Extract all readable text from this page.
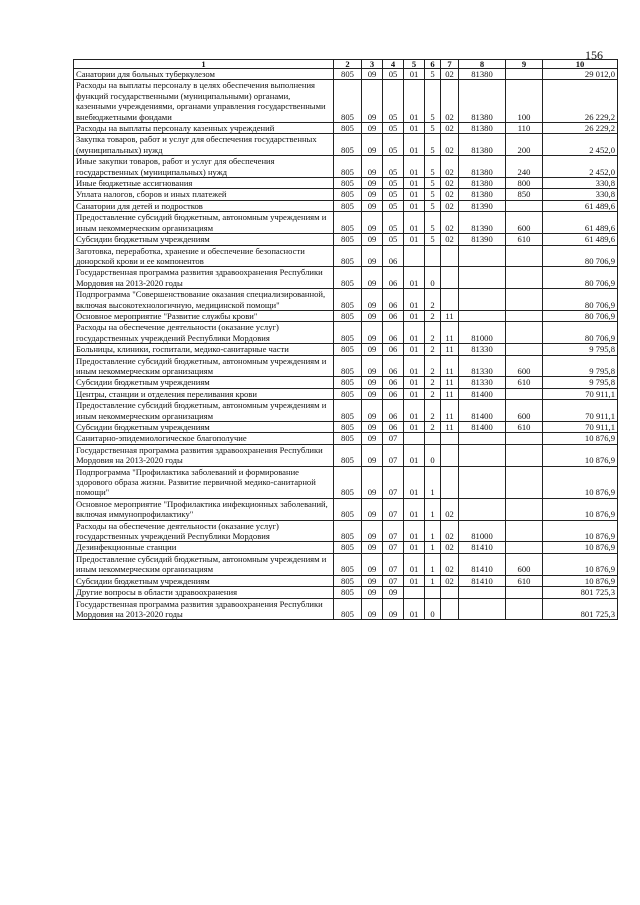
156
1	2	3	4	5	6	7	8	9	10
Санатории для больных туберкулезом	805	09	05	01	5	02	81380		29 012,0
Расходы на выплаты персоналу в целях обеспечения выполнения функций государственными (муниципальными) органами, казенными учреждениями, органами управления государственными внебюджетными фондами	805	09	05	01	5	02	81380	100	26 229,2
Расходы на выплаты персоналу казенных учреждений	805	09	05	01	5	02	81380	110	26 229,2
Закупка товаров, работ и услуг для обеспечения государственных (муниципальных) нужд	805	09	05	01	5	02	81380	200	2 452,0
Иные закупки товаров, работ и услуг для обеспечения государственных (муниципальных) нужд	805	09	05	01	5	02	81380	240	2 452,0
Иные бюджетные ассигнования	805	09	05	01	5	02	81380	800	330,8
Уплата налогов, сборов и иных платежей	805	09	05	01	5	02	81380	850	330,8
Санатории для детей и подростков	805	09	05	01	5	02	81390		61 489,6
Предоставление субсидий бюджетным, автономным учреждениям и иным некоммерческим организациям	805	09	05	01	5	02	81390	600	61 489,6
Субсидии бюджетным учреждениям	805	09	05	01	5	02	81390	610	61 489,6
Заготовка, переработка, хранение и обеспечение безопасности донорской крови и ее компонентов	805	09	06						80 706,9
Государственная программа развития здравоохранения Республики Мордовия на 2013-2020 годы	805	09	06	01	0				80 706,9
Подпрограмма "Совершенствование оказания специализированной, включая высокотехнологичную, медицинской помощи"	805	09	06	01	2				80 706,9
Основное мероприятие "Развитие службы крови"	805	09	06	01	2	11			80 706,9
Расходы на обеспечение деятельности (оказание услуг) государственных учреждений Республики Мордовия	805	09	06	01	2	11	81000		80 706,9
Больницы, клиники, госпитали, медико-санитарные части	805	09	06	01	2	11	81330		9 795,8
Предоставление субсидий бюджетным, автономным учреждениям и иным некоммерческим организациям	805	09	06	01	2	11	81330	600	9 795,8
Субсидии бюджетным учреждениям	805	09	06	01	2	11	81330	610	9 795,8
Центры, станции и отделения переливания крови	805	09	06	01	2	11	81400		70 911,1
Предоставление субсидий бюджетным, автономным учреждениям и иным некоммерческим организациям	805	09	06	01	2	11	81400	600	70 911,1
Субсидии бюджетным учреждениям	805	09	06	01	2	11	81400	610	70 911,1
Санитарно-эпидемиологическое благополучие	805	09	07						10 876,9
Государственная программа развития здравоохранения Республики Мордовия на 2013-2020 годы	805	09	07	01	0				10 876,9
Подпрограмма "Профилактика заболеваний и формирование здорового образа жизни. Развитие первичной медико-санитарной помощи"	805	09	07	01	1				10 876,9
Основное мероприятие "Профилактика инфекционных заболеваний, включая иммунопрофилактику"	805	09	07	01	1	02			10 876,9
Расходы на обеспечение деятельности (оказание услуг) государственных учреждений Республики Мордовия	805	09	07	01	1	02	81000		10 876,9
Дезинфекционные станции	805	09	07	01	1	02	81410		10 876,9
Предоставление субсидий бюджетным, автономным учреждениям и иным некоммерческим организациям	805	09	07	01	1	02	81410	600	10 876,9
Субсидии бюджетным учреждениям	805	09	07	01	1	02	81410	610	10 876,9
Другие вопросы в области здравоохранения	805	09	09						801 725,3
Государственная программа развития здравоохранения Республики Мордовия на 2013-2020 годы	805	09	09	01	0				801 725,3
